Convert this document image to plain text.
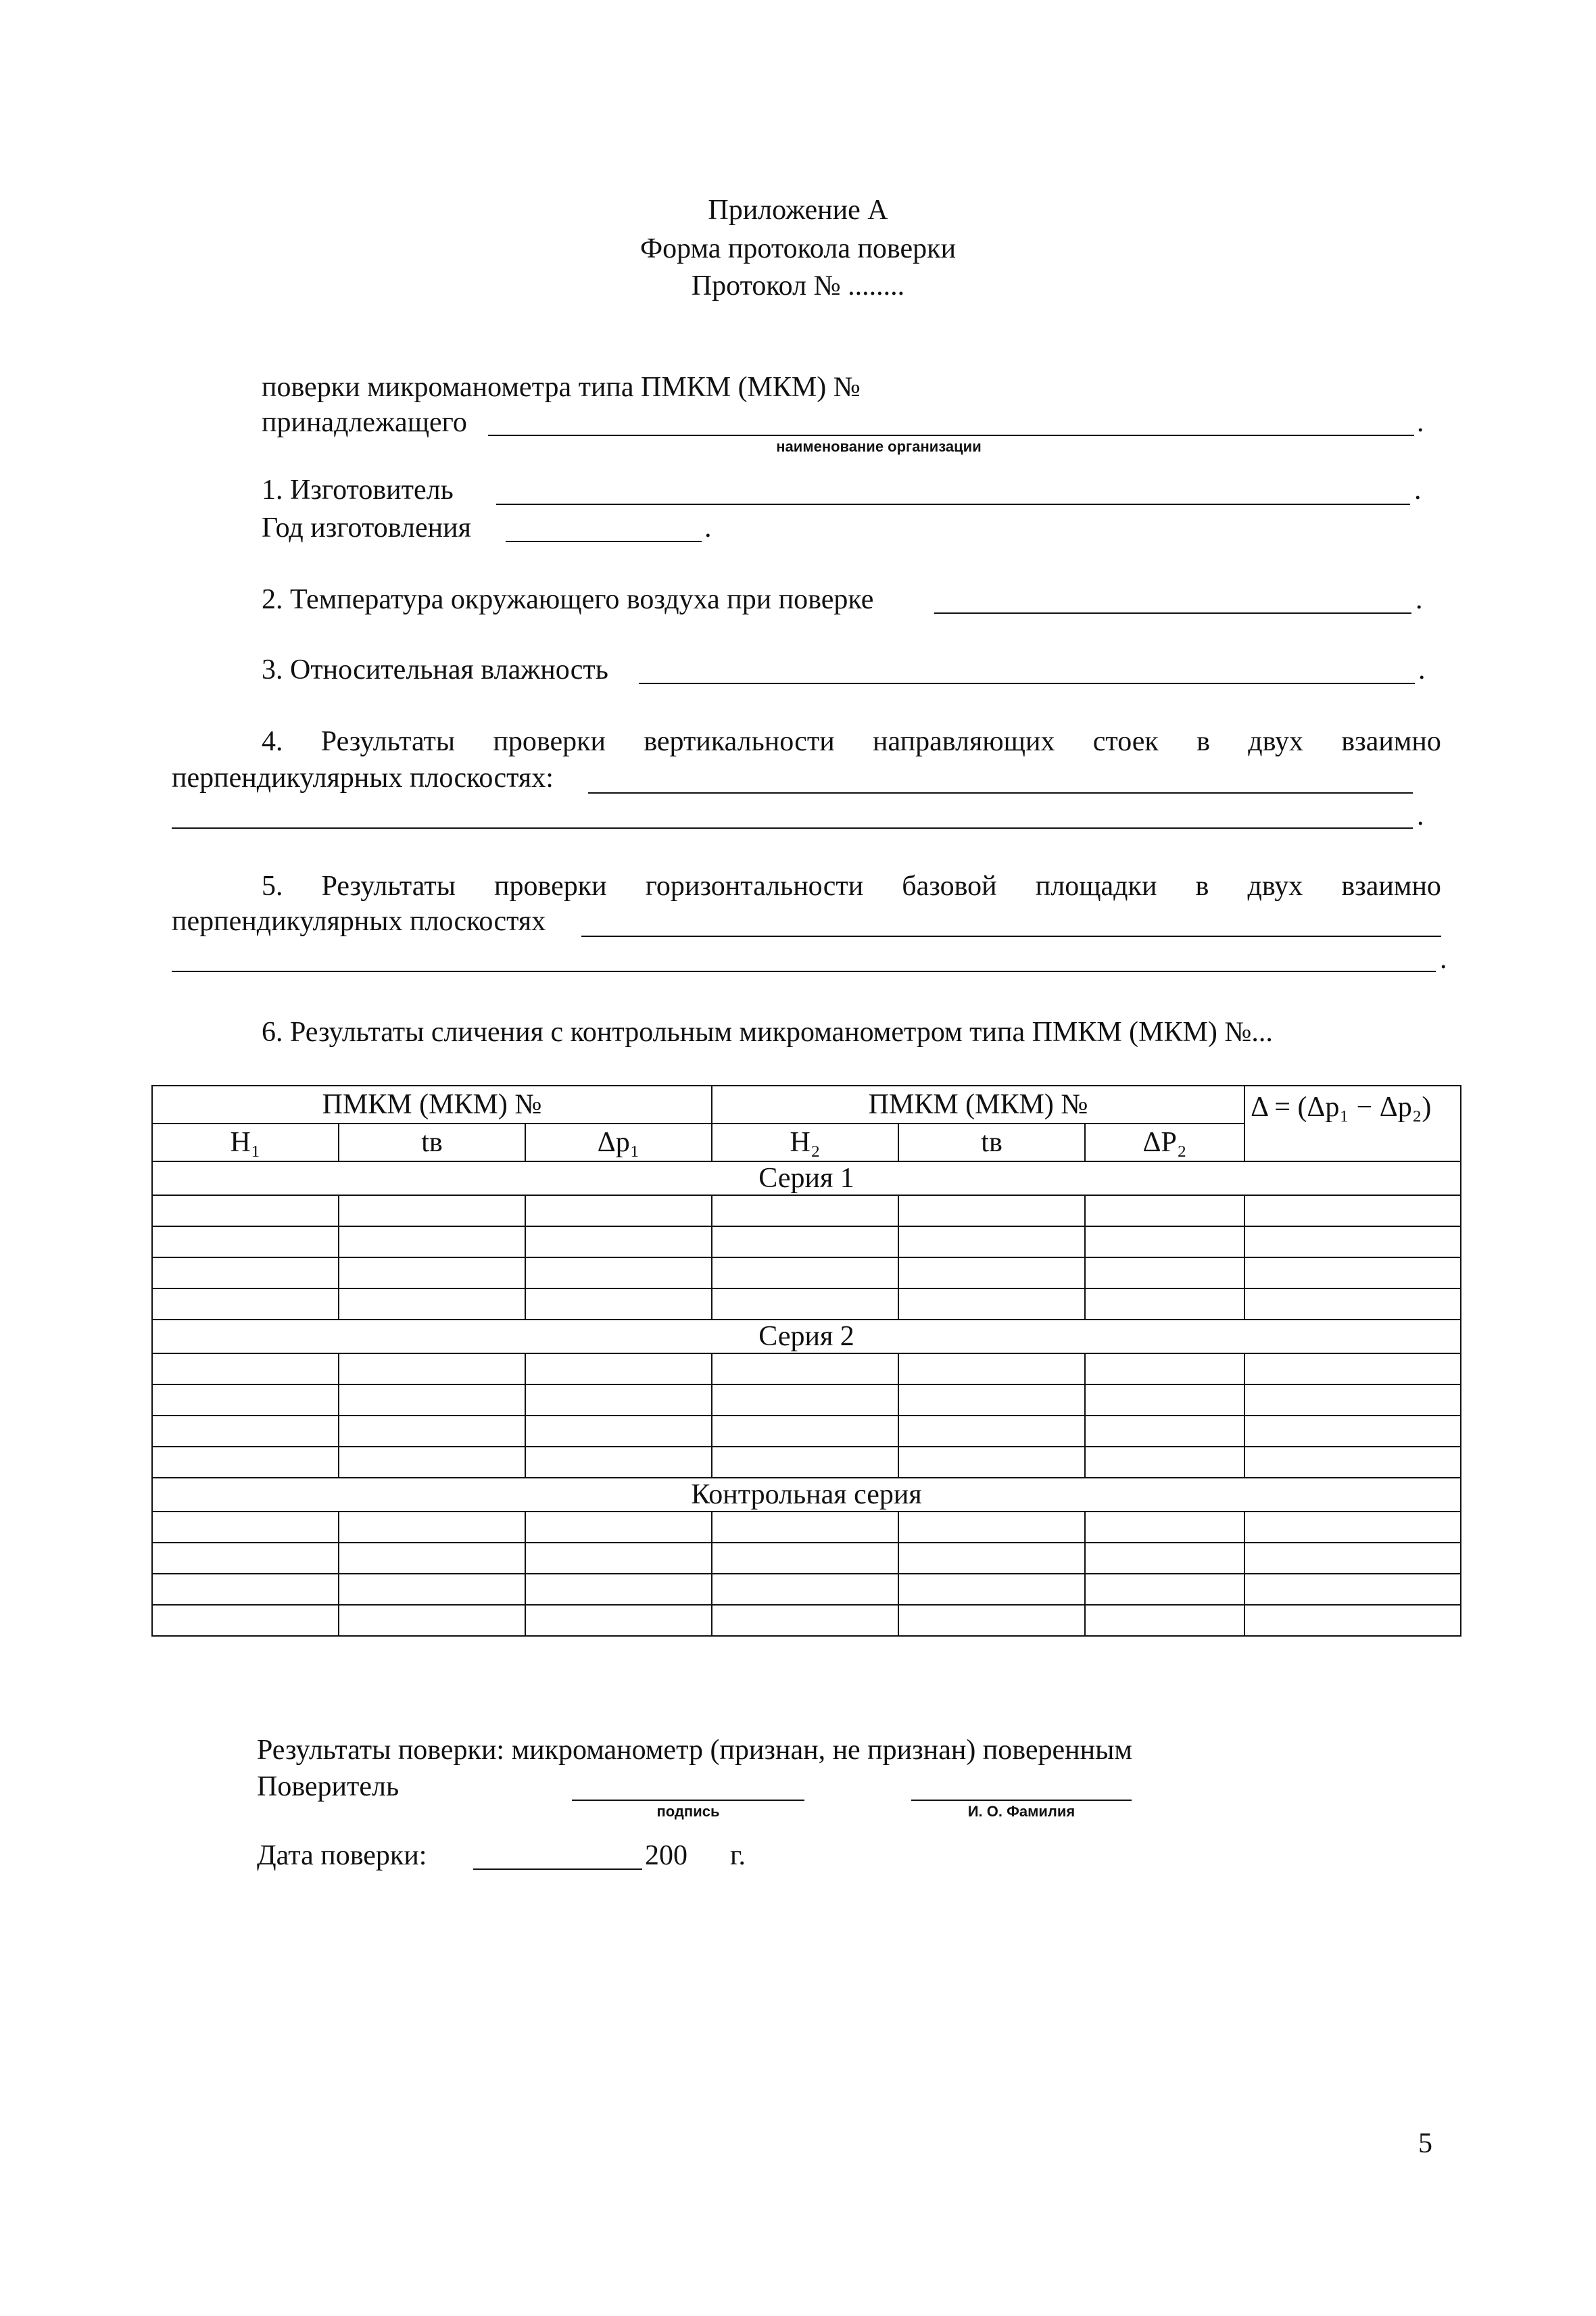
Приложение А
Форма протокола поверки
Протокол № ........
поверки микроманометра типа ПМКМ (МКМ) №
принадлежащего	.
наименование организации
1. Изготовитель	.
Год изготовления	.
2. Температура окружающего воздуха при поверке	.
3. Относительная влажность	.
4. Результаты проверки вертикальности направляющих стоек в двух взаимно
перпендикулярных плоскостях:
.
5. Результаты проверки горизонтальности базовой площадки в двух взаимно
перпендикулярных плоскостях
.
6. Результаты сличения с контрольным микроманометром типа ПМКМ (МКМ) №...
ПМКМ (МКМ) №			ПМКМ (МКМ) №			Δ = (Δp₁ − Δp₂)
H₁	tв	Δp₁	H₂	tв	ΔP₂	
Серия 1						

Серия 2						

Контрольная серия						

Результаты поверки: микроманометр (признан, не признан) поверенным
Поверитель
подпись	И. О. Фамилия
Дата поверки:	200 г.
5
